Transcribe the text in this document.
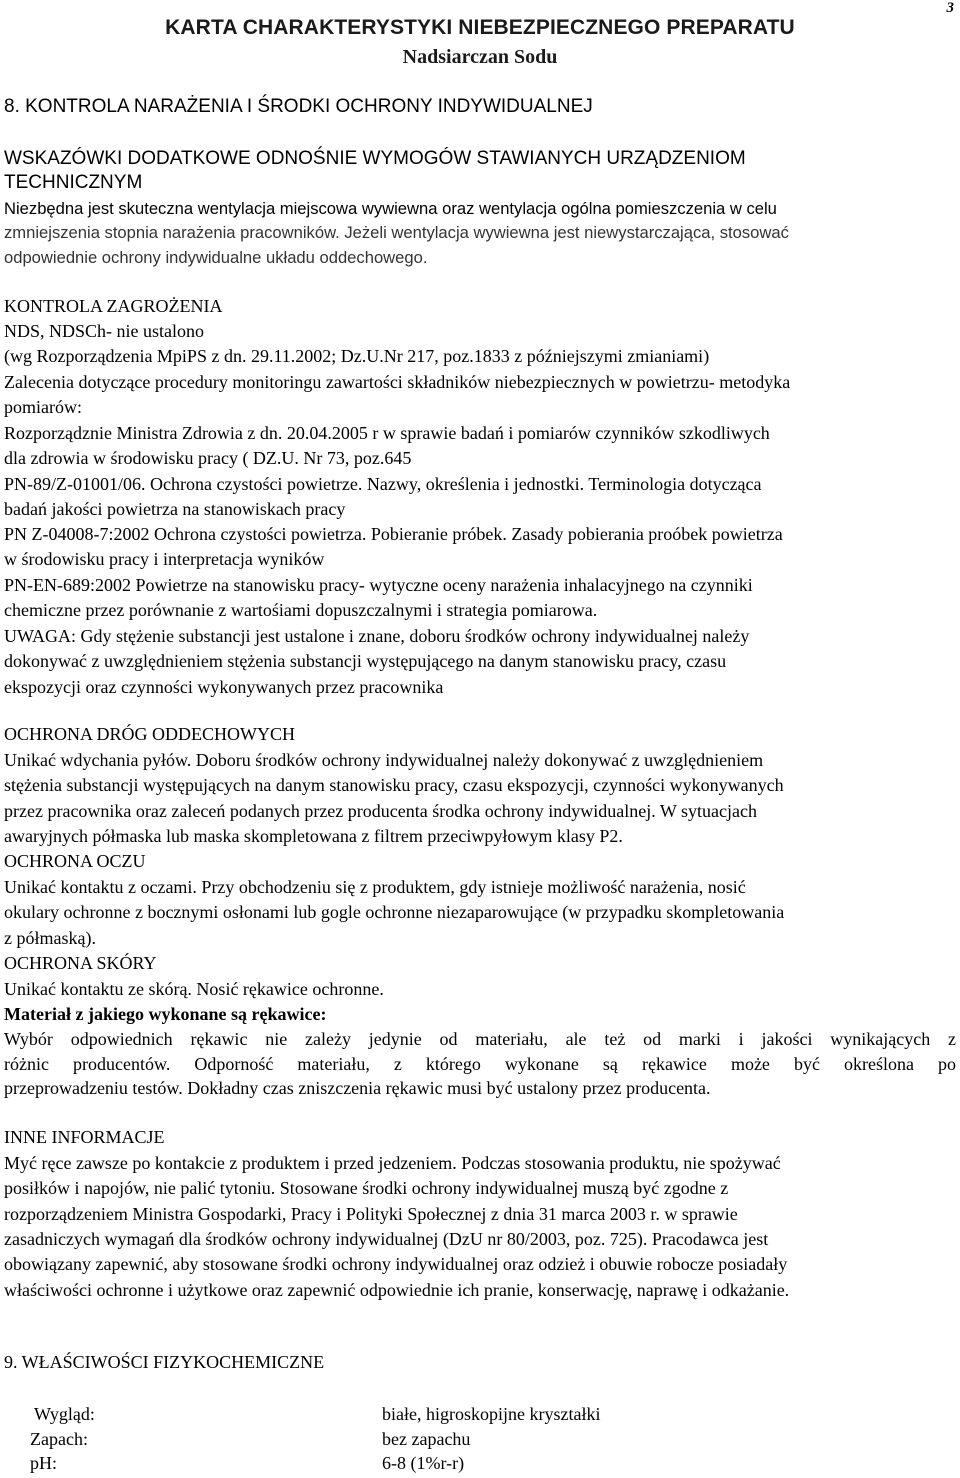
3
KARTA CHARAKTERYSTYKI NIEBEZPIECZNEGO PREPARATU
Nadsiarczan Sodu
8. KONTROLA NARAŻENIA I ŚRODKI OCHRONY INDYWIDUALNEJ
WSKAZÓWKI DODATKOWE ODNOŚNIE WYMOGÓW STAWIANYCH URZĄDZENIOM
TECHNICZNYM
Niezbędna jest skuteczna wentylacja miejscowa wywiewna oraz wentylacja ogólna pomieszczenia w celu
zmniejszenia stopnia narażenia pracowników. Jeżeli wentylacja wywiewna jest niewystarczająca, stosować
odpowiednie ochrony indywidualne układu oddechowego.
KONTROLA ZAGROŻENIA
NDS, NDSCh- nie ustalono
(wg Rozporządzenia MpiPS z dn. 29.11.2002; Dz.U.Nr 217, poz.1833 z późniejszymi zmianiami)
Zalecenia dotyczące procedury monitoringu zawartości składników niebezpiecznych w powietrzu- metodyka
pomiarów:
Rozporządznie Ministra Zdrowia z dn. 20.04.2005 r w sprawie badań i pomiarów czynników szkodliwych
dla zdrowia w środowisku pracy ( DZ.U. Nr 73, poz.645
PN-89/Z-01001/06. Ochrona czystości powietrze. Nazwy, określenia i jednostki. Terminologia dotycząca
badań jakości powietrza na stanowiskach pracy
PN Z-04008-7:2002 Ochrona czystości powietrza. Pobieranie próbek. Zasady pobierania proóbek powietrza
w środowisku pracy i interpretacja wyników
PN-EN-689:2002 Powietrze na stanowisku pracy- wytyczne oceny narażenia inhalacyjnego na czynniki
chemiczne przez porównanie z wartośiami dopuszczalnymi i strategia pomiarowa.
UWAGA: Gdy stężenie substancji jest ustalone i znane, doboru środków ochrony indywidualnej należy
dokonywać z uwzględnieniem stężenia substancji występującego na danym stanowisku pracy, czasu
ekspozycji oraz czynności wykonywanych przez pracownika
OCHRONA DRÓG ODDECHOWYCH
Unikać wdychania pyłów. Doboru środków ochrony indywidualnej należy dokonywać z uwzględnieniem
stężenia substancji występujących na danym stanowisku pracy, czasu ekspozycji, czynności wykonywanych
przez pracownika oraz zaleceń podanych przez producenta środka ochrony indywidualnej. W sytuacjach
awaryjnych półmaska lub maska skompletowana z filtrem przeciwpyłowym klasy P2.
OCHRONA OCZU
Unikać kontaktu z oczami. Przy obchodzeniu się z produktem, gdy istnieje możliwość narażenia, nosić
okulary ochronne z bocznymi osłonami lub gogle ochronne niezaparowujące (w przypadku skompletowania
z półmaską).
OCHRONA SKÓRY
Unikać kontaktu ze skórą. Nosić rękawice ochronne.
Materiał z jakiego wykonane są rękawice:
Wybór odpowiednich rękawic nie zależy jedynie od materiału, ale też od marki i jakości wynikających z
różnic producentów. Odporność materiału, z którego wykonane są rękawice może być określona po
przeprowadzeniu testów. Dokładny czas zniszczenia rękawic musi być ustalony przez producenta.
INNE INFORMACJE
Myć ręce zawsze po kontakcie z produktem i przed jedzeniem. Podczas stosowania produktu, nie spożywać
posiłków i napojów, nie palić tytoniu. Stosowane środki ochrony indywidualnej muszą być zgodne z
rozporządzeniem Ministra Gospodarki, Pracy i Polityki Społecznej z dnia 31 marca 2003 r. w sprawie
zasadniczych wymagań dla środków ochrony indywidualnej (DzU nr 80/2003, poz. 725). Pracodawca jest
obowiązany zapewnić, aby stosowane środki ochrony indywidualnej oraz odzież i obuwie robocze posiadały
właściwości ochronne i użytkowe oraz zapewnić odpowiednie ich pranie, konserwację, naprawę i odkażanie.
9. WŁAŚCIWOŚCI FIZYKOCHEMICZNE
Wygląd:	białe, higroskopijne kryształki
Zapach:	bez zapachu
pH:	6-8 (1%r-r)
